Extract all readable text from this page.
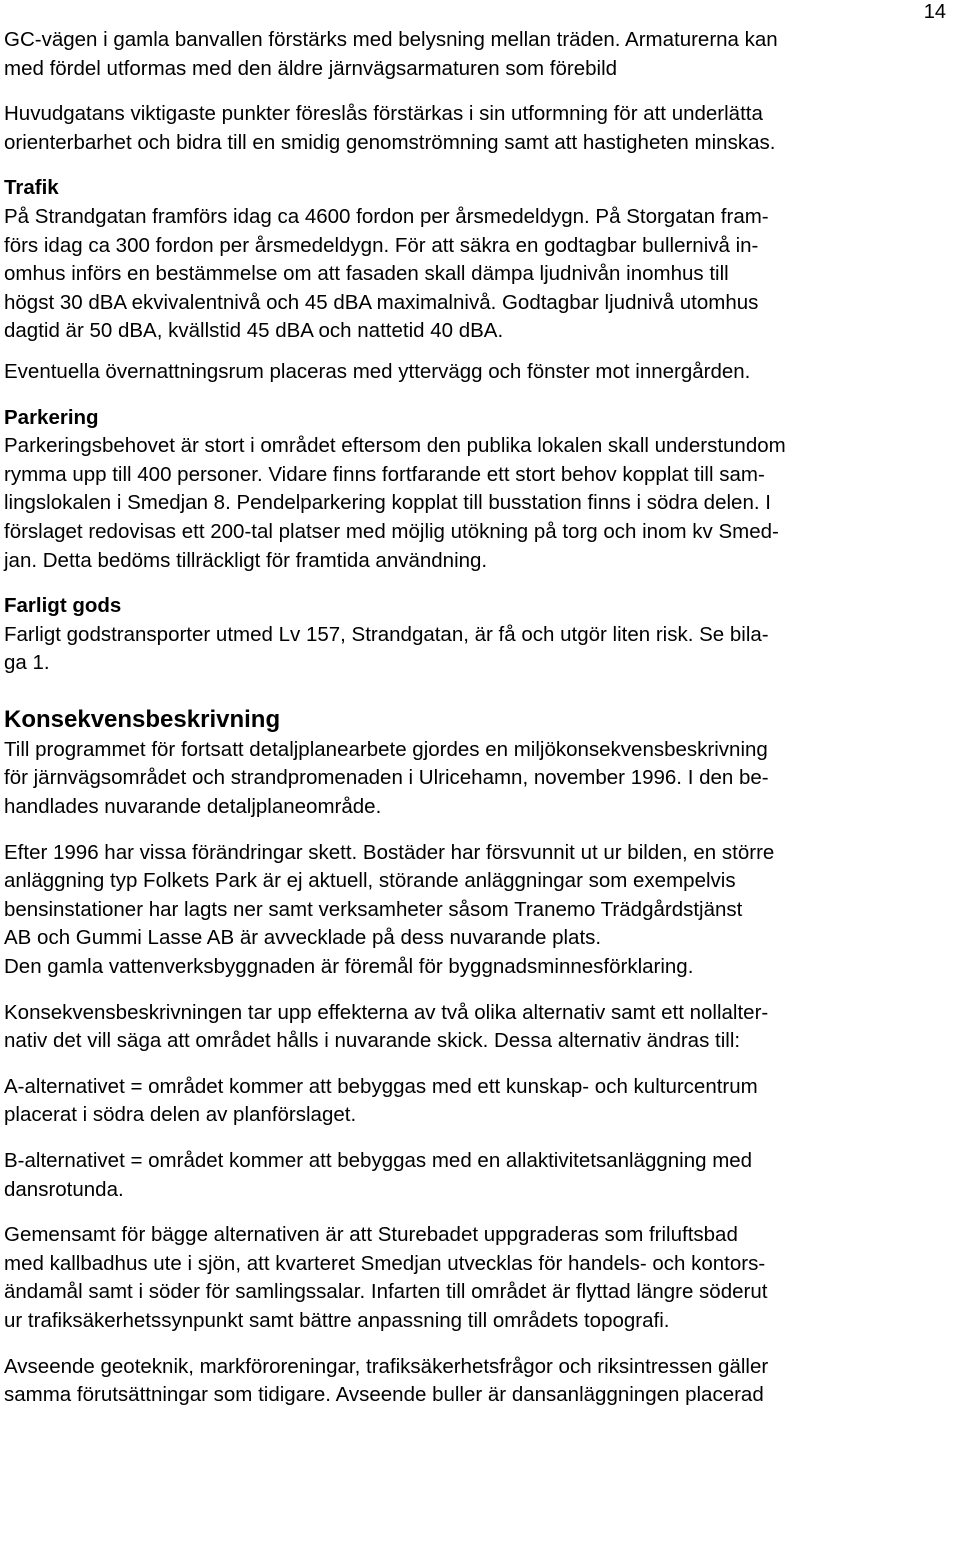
14

GC-vägen i gamla banvallen förstärks med belysning mellan träden. Armaturerna kan

med fördel utformas med den äldre järnvägsarmaturen som förebild

Huvudgatans viktigaste punkter föreslås förstärkas i sin utformning för att underlätta

orienterbarhet och bidra till en smidig genomströmning samt att hastigheten minskas.

Trafik

På Strandgatan framförs idag ca 4600 fordon per årsmedeldygn. På Storgatan fram-

förs idag ca 300 fordon per årsmedeldygn. För att säkra en godtagbar bullernivå in-

omhus införs en bestämmelse om att fasaden skall dämpa ljudnivån inomhus till

högst 30 dBA ekvivalentnivå och 45 dBA maximalnivå. Godtagbar ljudnivå utomhus

dagtid är 50 dBA, kvällstid 45 dBA och nattetid 40 dBA.

Eventuella övernattningsrum placeras med yttervägg och fönster mot innergården.

Parkering

Parkeringsbehovet är stort i området eftersom den publika lokalen skall understundom

rymma upp till 400 personer. Vidare finns fortfarande ett stort behov kopplat till sam-

lingslokalen i Smedjan 8. Pendelparkering kopplat till busstation finns i södra delen. I

förslaget redovisas ett 200-tal platser med möjlig utökning på torg och inom kv Smed-

jan. Detta bedöms tillräckligt för framtida användning.

Farligt gods

Farligt godstransporter utmed Lv 157, Strandgatan, är få och utgör liten risk. Se bila-

ga 1.

Konsekvensbeskrivning

Till programmet för fortsatt detaljplanearbete gjordes en miljökonsekvensbeskrivning

för järnvägsområdet och strandpromenaden i Ulricehamn, november 1996. I den be-

handlades nuvarande detaljplaneområde.

Efter 1996 har vissa förändringar skett. Bostäder har försvunnit ut ur bilden, en större

anläggning typ Folkets Park är ej aktuell, störande anläggningar som exempelvis

bensinstationer har lagts ner samt verksamheter såsom Tranemo Trädgårdstjänst

AB och Gummi Lasse AB är avvecklade på dess nuvarande plats.

Den gamla vattenverksbyggnaden är föremål för byggnadsminnesförklaring.

Konsekvensbeskrivningen tar upp effekterna av två olika alternativ samt ett nollalter-

nativ det vill säga att området hålls i nuvarande skick. Dessa alternativ ändras till:

A-alternativet = området kommer att bebyggas med ett kunskap- och kulturcentrum

placerat i södra delen av planförslaget.

B-alternativet = området kommer att bebyggas med en allaktivitetsanläggning med

dansrotunda.

Gemensamt för bägge alternativen är att Sturebadet uppgraderas som friluftsbad

med kallbadhus ute i sjön, att kvarteret Smedjan utvecklas för handels- och kontors-

ändamål samt i söder för samlingssalar. Infarten till området är flyttad längre söderut

ur trafiksäkerhetssynpunkt samt bättre anpassning till områdets topografi.

Avseende geoteknik, markföroreningar, trafiksäkerhetsfrågor och riksintressen gäller

samma förutsättningar som tidigare. Avseende buller är dansanläggningen placerad
